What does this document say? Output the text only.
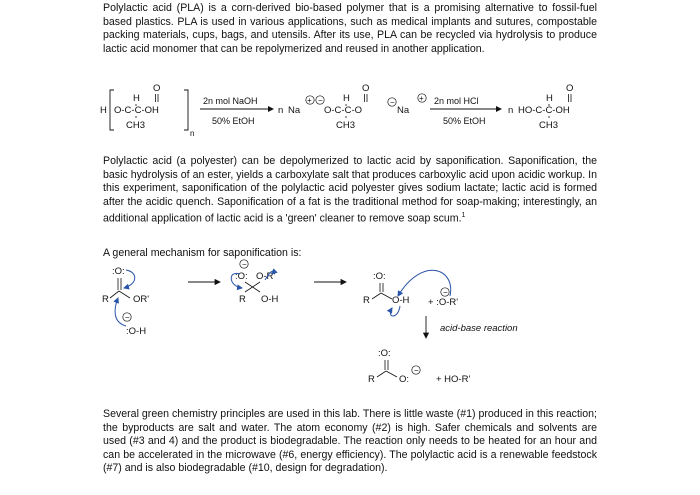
Polylactic acid (PLA) is a corn-derived bio-based polymer that is a promising alternative to fossil-fuel based plastics. PLA is used in various applications, such as medical implants and sutures, compostable packing materials, cups, bags, and utensils. After its use, PLA can be recycled via hydrolysis to produce lactic acid monomer that can be repolymerized and reused in another application.
H
H
O
O-C-C-OH
CH3
n
2n mol NaOH
50% EtOH
n Na
+ − H
O
O-C-C-O
−
CH3
Na
+ 2n mol HCl
50% EtOH
n
H
O
HO-C-C-OH
CH3
Polylactic acid (a polyester) can be depolymerized to lactic acid by saponification. Saponification, the basic hydrolysis of an ester, yields a carboxylate salt that produces carboxylic acid upon acidic workup. In this experiment, saponification of the polylactic acid polyester gives sodium lactate; lactic acid is formed after the acidic quench. Saponification of a fat is the traditional method for soap-making; interestingly, an additional application of lactic acid is a 'green' cleaner to remove soap scum.$^1$
A general mechanism for saponification is:
:O:
R	OR'
−
:O-H
−
:O: O-R'
R O-H
:O:
R O-H
−
+ :O-R'
acid-base reaction
:O:
R	O:
−
+ HO-R'
Several green chemistry principles are used in this lab. There is little waste (#1) produced in this reaction; the byproducts are salt and water. The atom economy (#2) is high. Safer chemicals and solvents are used (#3 and 4) and the product is biodegradable. The reaction only needs to be heated for an hour and can be accelerated in the microwave (#6, energy efficiency). The polylactic acid is a renewable feedstock (#7) and is also biodegradable (#10, design for degradation).
